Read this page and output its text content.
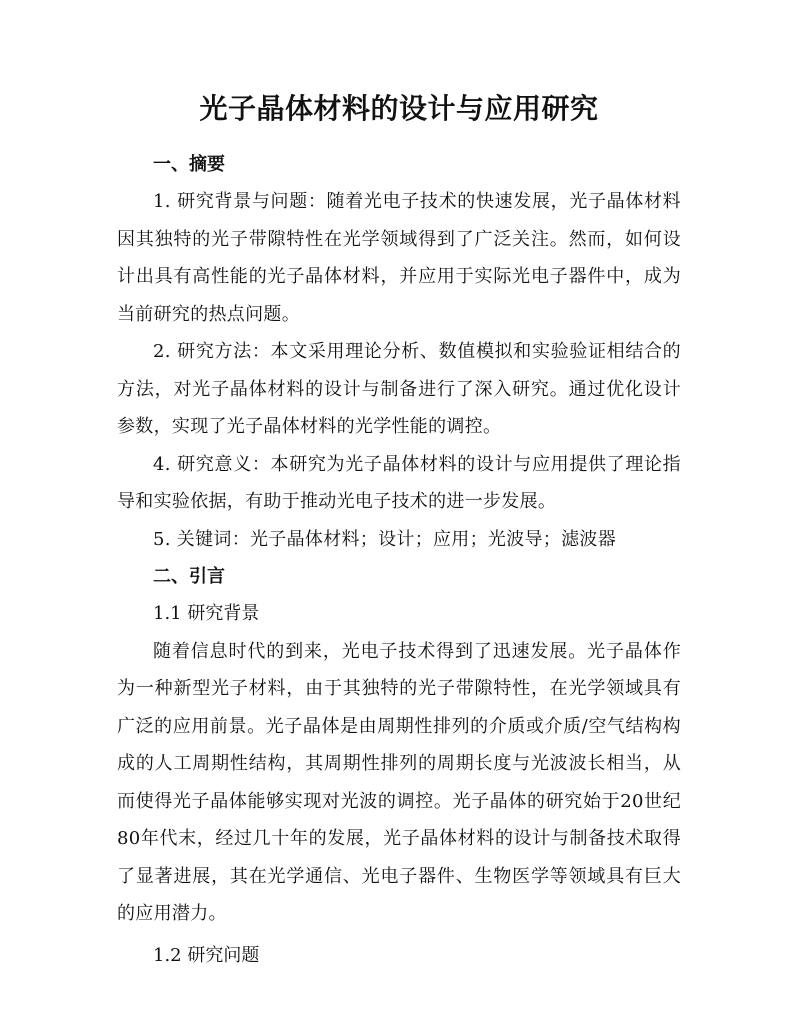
光子晶体材料的设计与应用研究

一、摘要

1. 研究背景与问题：随着光电子技术的快速发展，光子晶体材料因其独特的光子带隙特性在光学领域得到了广泛关注。然而，如何设计出具有高性能的光子晶体材料，并应用于实际光电子器件中，成为当前研究的热点问题。

2. 研究方法：本文采用理论分析、数值模拟和实验验证相结合的方法，对光子晶体材料的设计与制备进行了深入研究。通过优化设计参数，实现了光子晶体材料的光学性能的调控。

4. 研究意义：本研究为光子晶体材料的设计与应用提供了理论指导和实验依据，有助于推动光电子技术的进一步发展。

5. 关键词：光子晶体材料；设计；应用；光波导；滤波器

二、引言

1.1 研究背景

随着信息时代的到来，光电子技术得到了迅速发展。光子晶体作为一种新型光子材料，由于其独特的光子带隙特性，在光学领域具有广泛的应用前景。光子晶体是由周期性排列的介质或介质/空气结构构成的人工周期性结构，其周期性排列的周期长度与光波波长相当，从而使得光子晶体能够实现对光波的调控。光子晶体的研究始于20世纪80年代末，经过几十年的发展，光子晶体材料的设计与制备技术取得了显著进展，其在光学通信、光电子器件、生物医学等领域具有巨大的应用潜力。

1.2 研究问题
